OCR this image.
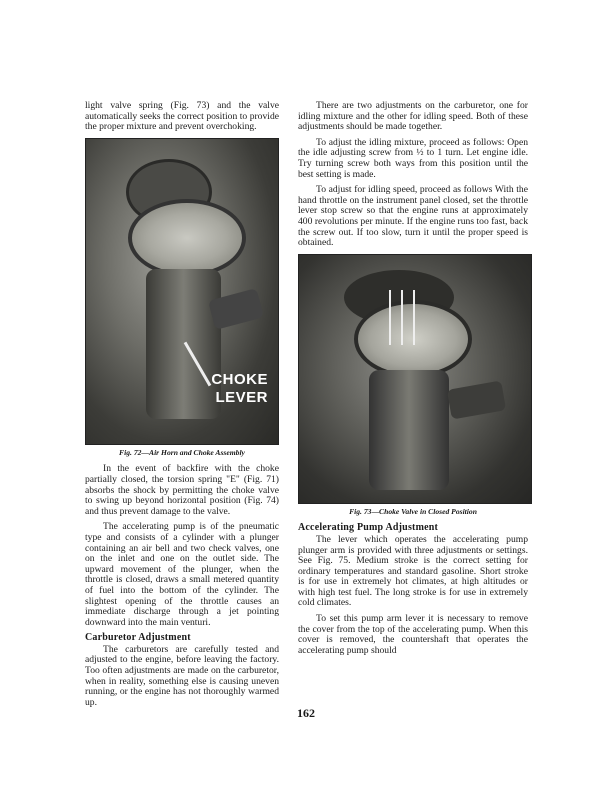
light valve spring (Fig. 73) and the valve automatically seeks the correct position to provide the proper mixture and prevent overchoking.

CHOKE
LEVER
Fig. 72—Air Horn and Choke Assembly

In the event of backfire with the choke partially closed, the torsion spring "E" (Fig. 71) absorbs the shock by permitting the choke valve to swing up beyond horizontal position (Fig. 74) and thus prevent damage to the valve.

The accelerating pump is of the pneumatic type and consists of a cylinder with a plunger containing an air bell and two check valves, one on the inlet and one on the outlet side. The upward movement of the plunger, when the throttle is closed, draws a small metered quantity of fuel into the bottom of the cylinder. The slightest opening of the throttle causes an immediate discharge through a jet pointing downward into the main venturi.

Carburetor Adjustment

The carburetors are carefully tested and adjusted to the engine, before leaving the factory. Too often adjustments are made on the carburetor, when in reality, something else is causing uneven running, or the engine has not thoroughly warmed up.

There are two adjustments on the carburetor, one for idling mixture and the other for idling speed. Both of these adjustments should be made together.

To adjust the idling mixture, proceed as follows: Open the idle adjusting screw from ½ to 1 turn. Let engine idle. Try turning screw both ways from this position until the best setting is made.

To adjust for idling speed, proceed as follows With the hand throttle on the instrument panel closed, set the throttle lever stop screw so that the engine runs at approximately 400 revolutions per minute. If the engine runs too fast, back the screw out. If too slow, turn it until the proper speed is obtained.

Fig. 73—Choke Valve in Closed Position
Accelerating Pump Adjustment

The lever which operates the accelerating pump plunger arm is provided with three adjustments or settings. See Fig. 75. Medium stroke is the correct setting for ordinary temperatures and standard gasoline. Short stroke is for use in extremely hot climates, at high altitudes or with high test fuel. The long stroke is for use in extremely cold climates.

To set this pump arm lever it is necessary to remove the cover from the top of the accelerating pump. When this cover is removed, the countershaft that operates the accelerating pump should

162
